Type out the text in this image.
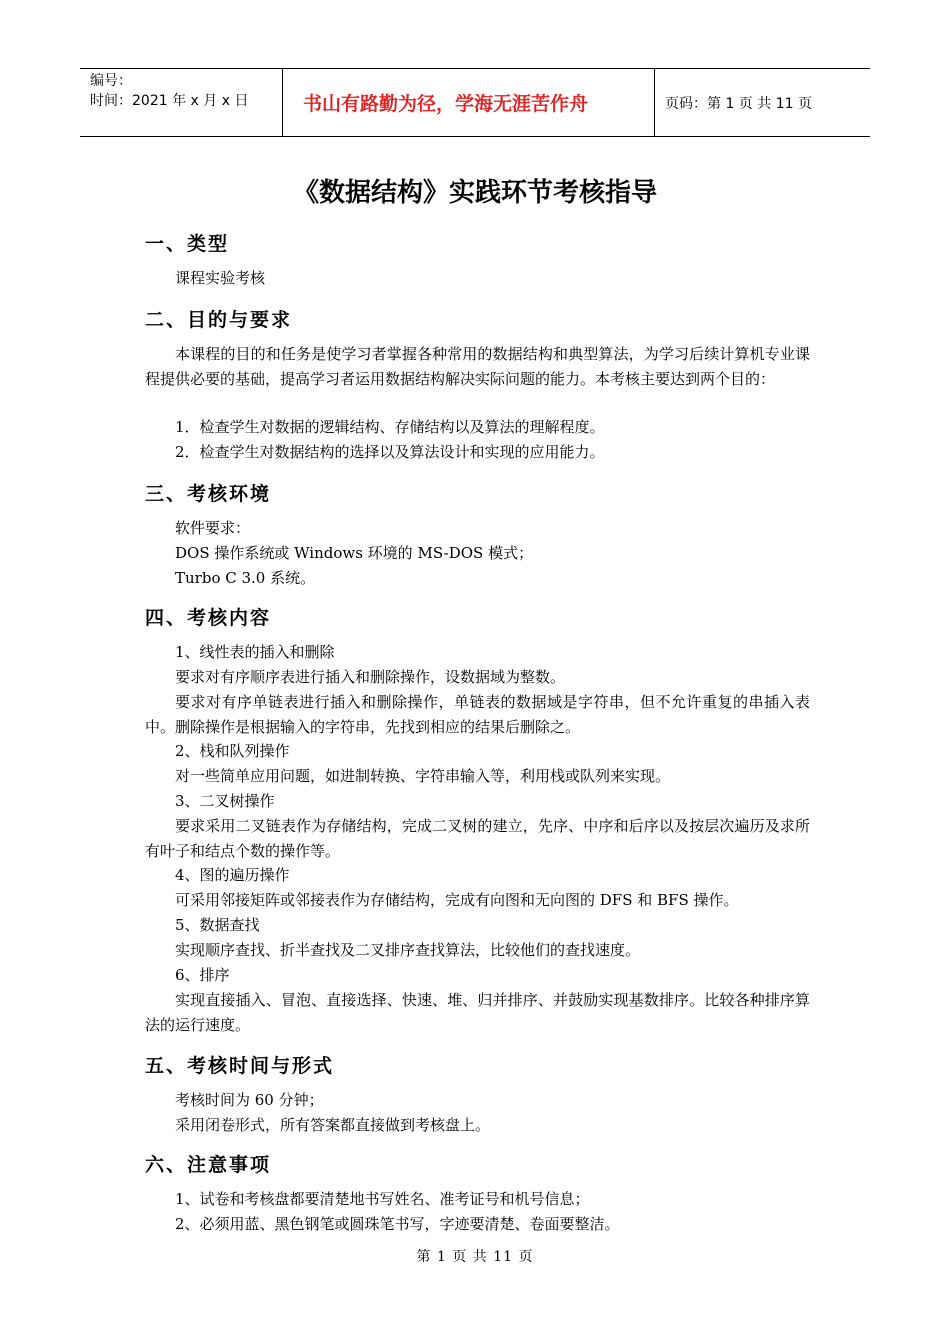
编号：
时间：2021 年 x 月 x 日	书山有路勤为径，学海无涯苦作舟	页码：第 1 页 共 11 页
《数据结构》实践环节考核指导
一、类型
课程实验考核
二、目的与要求
本课程的目的和任务是使学习者掌握各种常用的数据结构和典型算法，为学习后续计算机专业课程提供必要的基础，提高学习者运用数据结构解决实际问题的能力。本考核主要达到两个目的：
1．检查学生对数据的逻辑结构、存储结构以及算法的理解程度。
2．检查学生对数据结构的选择以及算法设计和实现的应用能力。
三、考核环境
软件要求：
DOS 操作系统或 Windows 环境的 MS-DOS 模式；
Turbo C 3.0 系统。
四、考核内容
1、线性表的插入和删除
要求对有序顺序表进行插入和删除操作，设数据域为整数。
要求对有序单链表进行插入和删除操作，单链表的数据域是字符串，但不允许重复的串插入表中。删除操作是根据输入的字符串，先找到相应的结果后删除之。
2、栈和队列操作
对一些简单应用问题，如进制转换、字符串输入等，利用栈或队列来实现。
3、二叉树操作
要求采用二叉链表作为存储结构，完成二叉树的建立，先序、中序和后序以及按层次遍历及求所有叶子和结点个数的操作等。
4、图的遍历操作
可采用邻接矩阵或邻接表作为存储结构，完成有向图和无向图的 DFS 和 BFS 操作。
5、数据查找
实现顺序查找、折半查找及二叉排序查找算法，比较他们的查找速度。
6、排序
实现直接插入、冒泡、直接选择、快速、堆、归并排序、并鼓励实现基数排序。比较各种排序算法的运行速度。
五、考核时间与形式
考核时间为 60 分钟；
采用闭卷形式，所有答案都直接做到考核盘上。
六、注意事项
1、试卷和考核盘都要清楚地书写姓名、准考证号和机号信息；
2、必须用蓝、黑色钢笔或圆珠笔书写，字迹要清楚、卷面要整洁。
第 1 页 共 11 页
